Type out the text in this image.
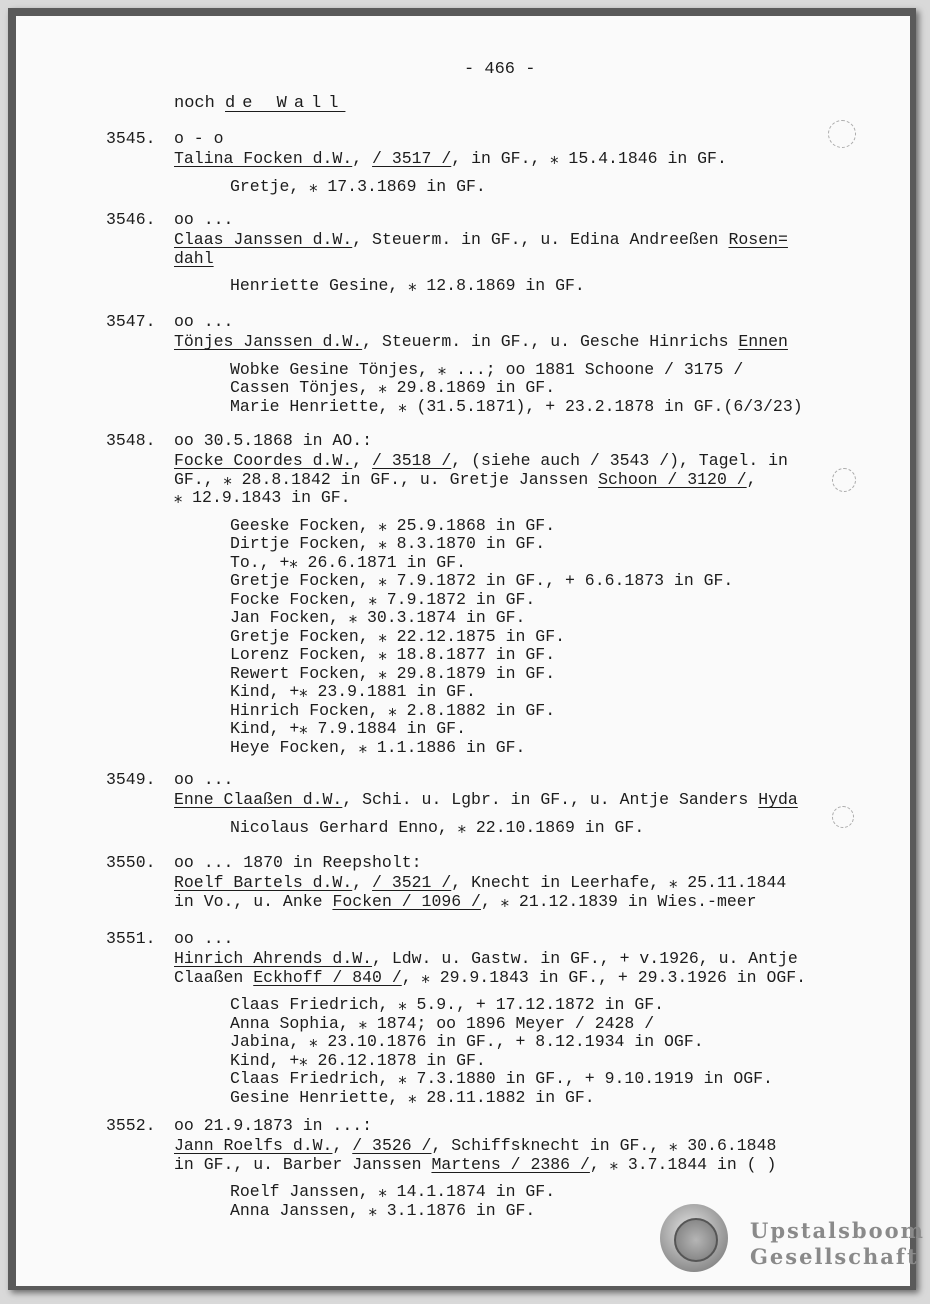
- 466 -
noch de Wall
3545. o - o
Talina Focken d.W., / 3517 /, in GF., ⁎ 15.4.1846 in GF.
Gretje, ⁎ 17.3.1869 in GF.
3546. oo ...
Claas Janssen d.W., Steuerm. in GF., u. Edina Andreeßen Rosen=
dahl
Henriette Gesine, ⁎ 12.8.1869 in GF.
3547. oo ...
Tönjes Janssen d.W., Steuerm. in GF., u. Gesche Hinrichs Ennen
Wobke Gesine Tönjes, ⁎ ...; oo 1881 Schoone / 3175 /
Cassen Tönjes, ⁎ 29.8.1869 in GF.
Marie Henriette, ⁎ (31.5.1871), + 23.2.1878 in GF.(6/3/23)
3548. oo 30.5.1868 in AO.:
Focke Coordes d.W., / 3518 /, (siehe auch / 3543 /), Tagel. in
GF., ⁎ 28.8.1842 in GF., u. Gretje Janssen Schoon / 3120 /,
⁎ 12.9.1843 in GF.
Geeske Focken, ⁎ 25.9.1868 in GF.
Dirtje Focken, ⁎ 8.3.1870 in GF.
To., +⁎ 26.6.1871 in GF.
Gretje Focken, ⁎ 7.9.1872 in GF., + 6.6.1873 in GF.
Focke Focken, ⁎ 7.9.1872 in GF.
Jan Focken, ⁎ 30.3.1874 in GF.
Gretje Focken, ⁎ 22.12.1875 in GF.
Lorenz Focken, ⁎ 18.8.1877 in GF.
Rewert Focken, ⁎ 29.8.1879 in GF.
Kind, +⁎ 23.9.1881 in GF.
Hinrich Focken, ⁎ 2.8.1882 in GF.
Kind, +⁎ 7.9.1884 in GF.
Heye Focken, ⁎ 1.1.1886 in GF.
3549. oo ...
Enne Claaßen d.W., Schi. u. Lgbr. in GF., u. Antje Sanders Hyda
Nicolaus Gerhard Enno, ⁎ 22.10.1869 in GF.
3550. oo ... 1870 in Reepsholt:
Roelf Bartels d.W., / 3521 /, Knecht in Leerhafe, ⁎ 25.11.1844
in Vo., u. Anke Focken / 1096 /, ⁎ 21.12.1839 in Wies.-meer
3551. oo ...
Hinrich Ahrends d.W., Ldw. u. Gastw. in GF., + v.1926, u. Antje
Claaßen Eckhoff / 840 /, ⁎ 29.9.1843 in GF., + 29.3.1926 in OGF.
Claas Friedrich, ⁎ 5.9., + 17.12.1872 in GF.
Anna Sophia, ⁎ 1874; oo 1896 Meyer / 2428 /
Jabina, ⁎ 23.10.1876 in GF., + 8.12.1934 in OGF.
Kind, +⁎ 26.12.1878 in GF.
Claas Friedrich, ⁎ 7.3.1880 in GF., + 9.10.1919 in OGF.
Gesine Henriette, ⁎ 28.11.1882 in GF.
3552. oo 21.9.1873 in ...:
Jann Roelfs d.W., / 3526 /, Schiffsknecht in GF., ⁎ 30.6.1848
in GF., u. Barber Janssen Martens / 2386 /, ⁎ 3.7.1844 in ( )
Roelf Janssen, ⁎ 14.1.1874 in GF.
Anna Janssen, ⁎ 3.1.1876 in GF.
Upstalsboom
Gesellschaft
